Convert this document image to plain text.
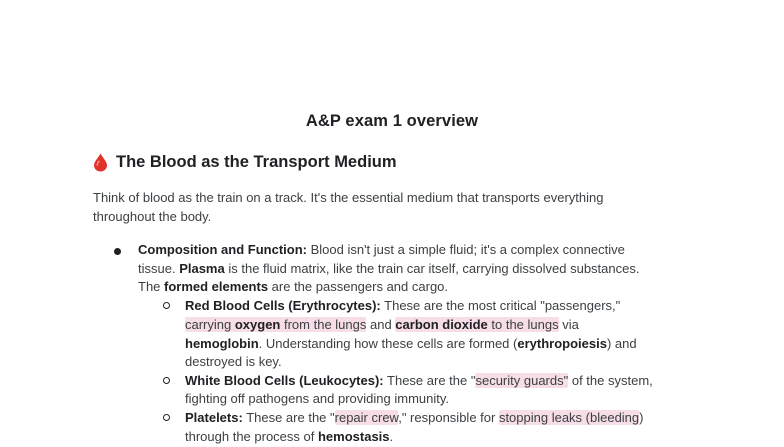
A&P exam 1 overview
The Blood as the Transport Medium
Think of blood as the train on a track. It's the essential medium that transports everything
throughout the body.
Composition and Function: Blood isn't just a simple fluid; it's a complex connective
tissue. Plasma is the fluid matrix, like the train car itself, carrying dissolved substances.
The formed elements are the passengers and cargo.
Red Blood Cells (Erythrocytes): These are the most critical "passengers,"
carrying oxygen from the lungs and carbon dioxide to the lungs via
hemoglobin. Understanding how these cells are formed (erythropoiesis) and
destroyed is key.
White Blood Cells (Leukocytes): These are the "security guards" of the system,
fighting off pathogens and providing immunity.
Platelets: These are the "repair crew," responsible for stopping leaks (bleeding)
through the process of hemostasis.
